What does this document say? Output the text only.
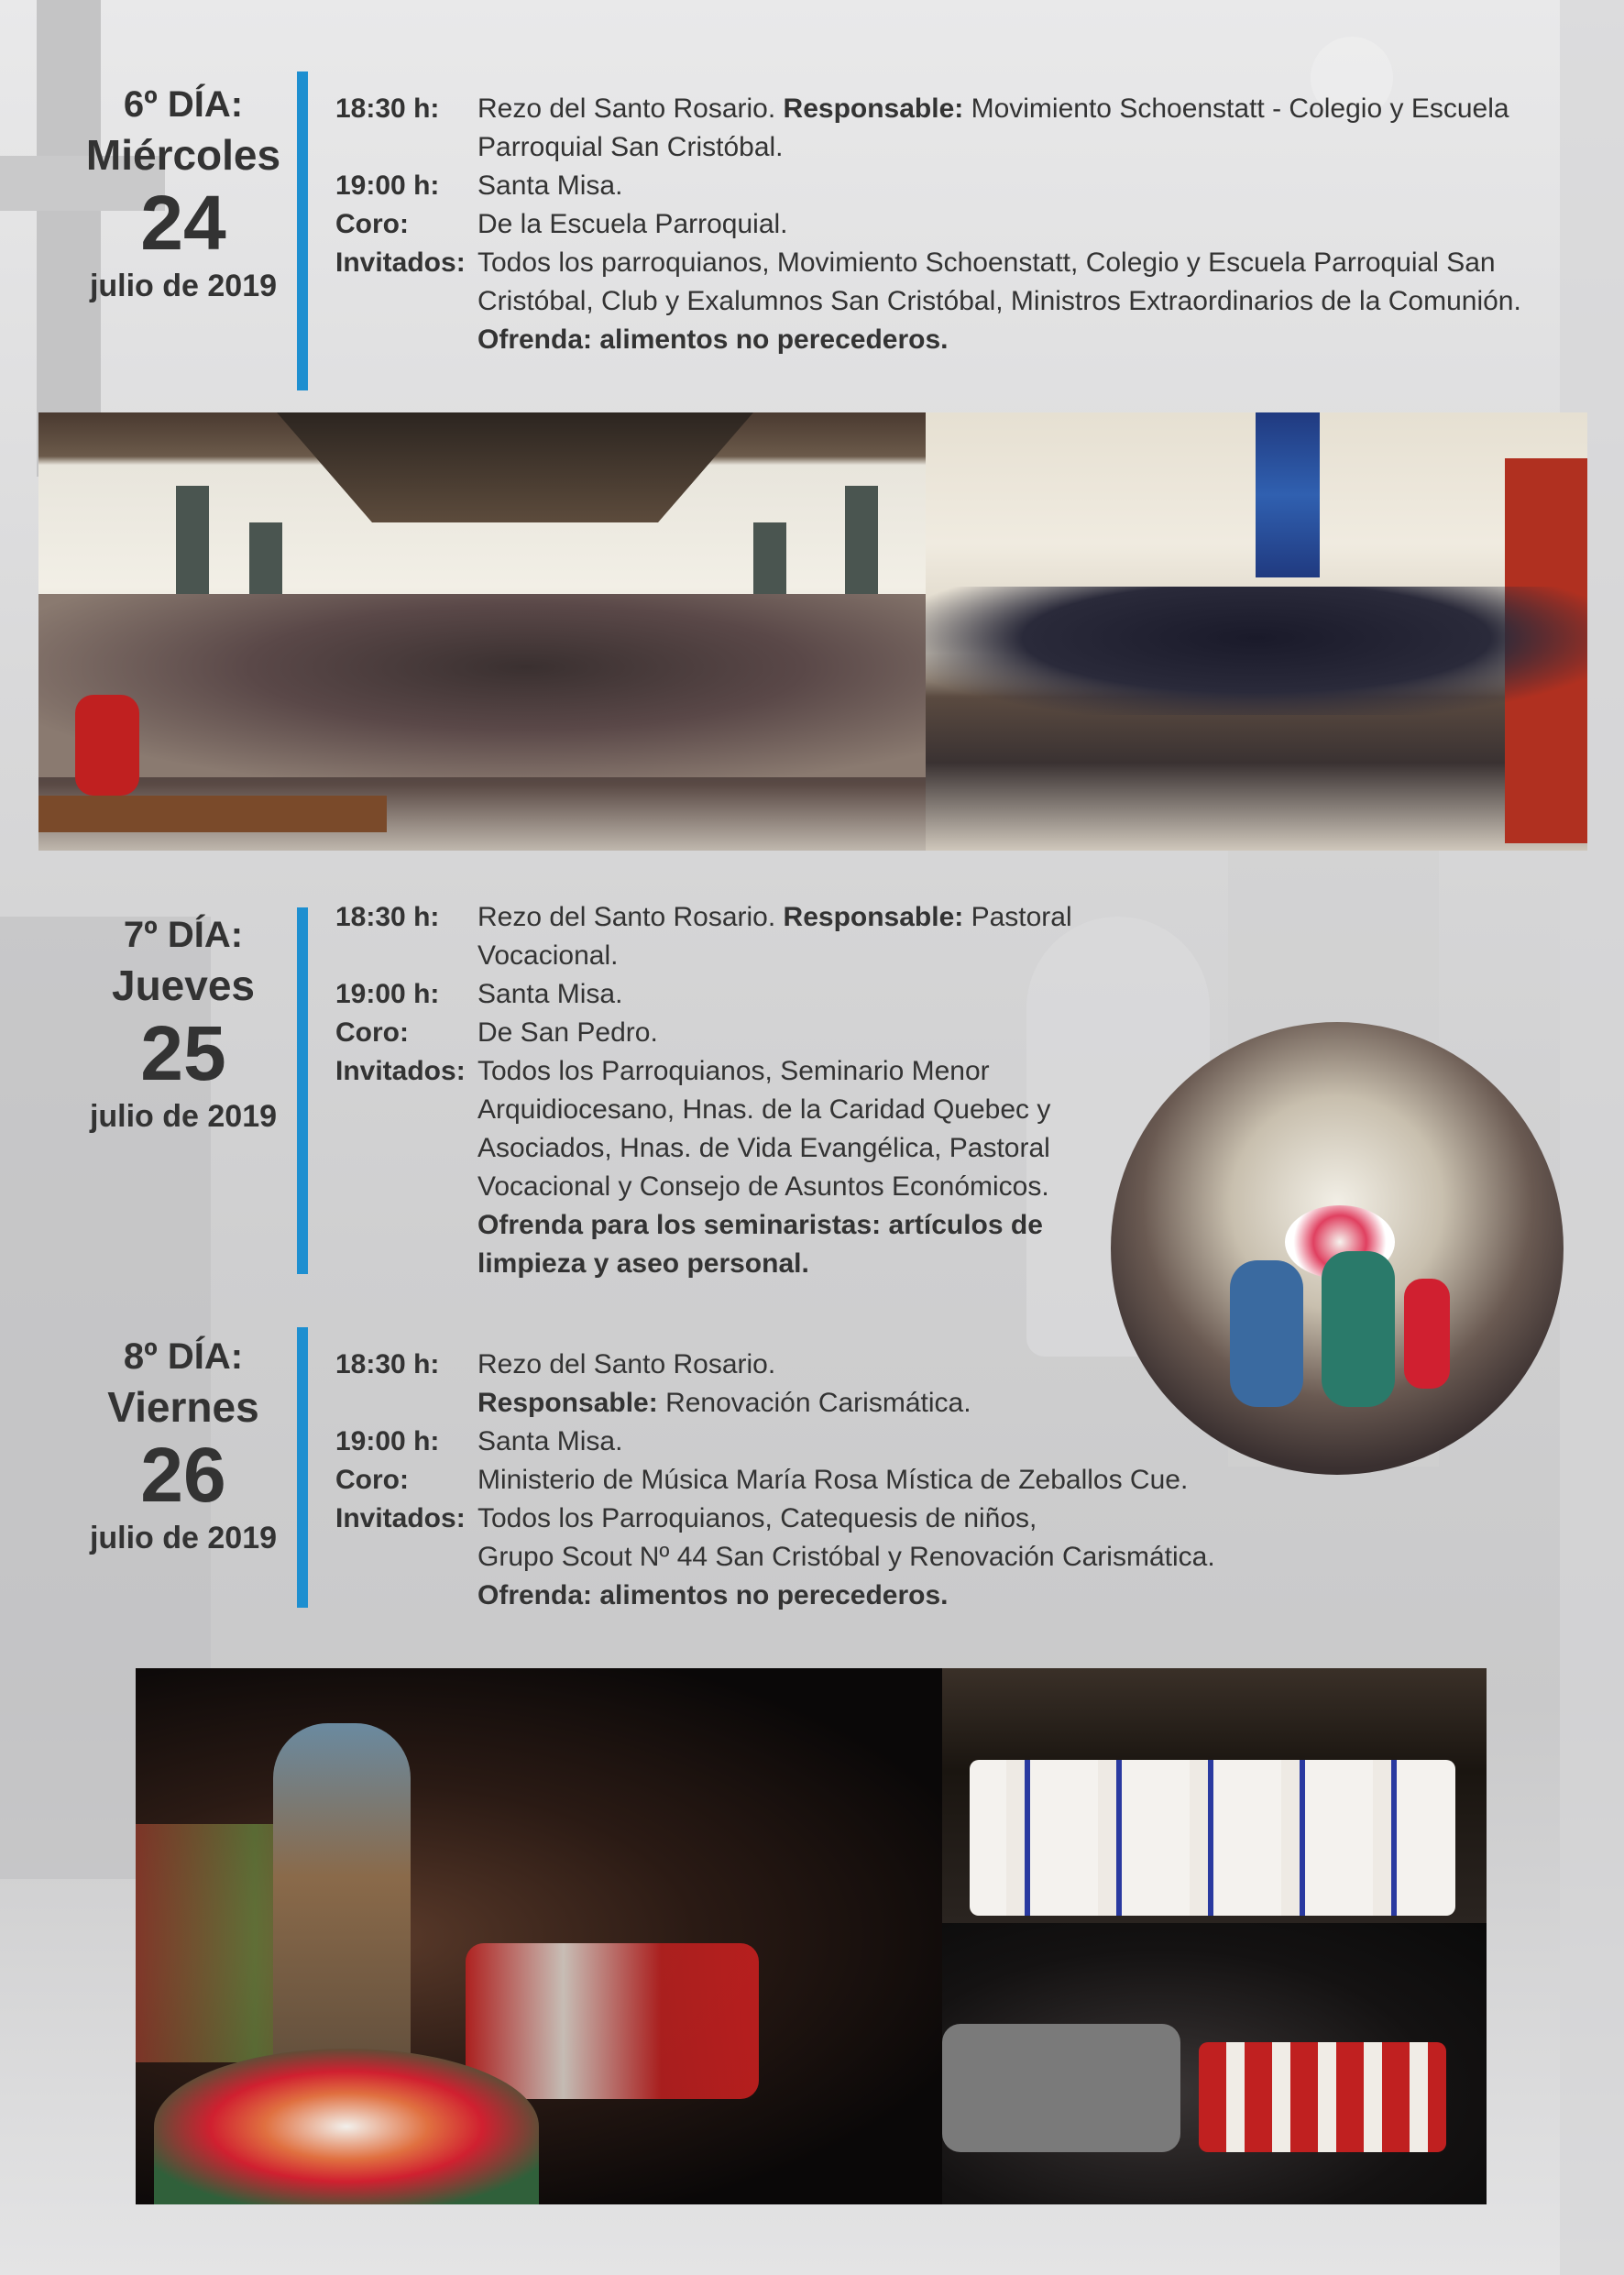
6º DÍA:
Miércoles
24
julio de 2019
18:30 h:	Rezo del Santo Rosario. Responsable: Movimiento Schoenstatt - Colegio y Escuela Parroquial San Cristóbal.
19:00 h:	Santa Misa.
Coro:	De la Escuela Parroquial.
Invitados: Todos los parroquianos, Movimiento Schoenstatt, Colegio y Escuela Parroquial San Cristóbal, Club y Exalumnos San Cristóbal, Ministros Extraordinarios de la Comunión.
Ofrenda: alimentos no perecederos.
7º DÍA:
Jueves
25
julio de 2019
18:30 h:	Rezo del Santo Rosario. Responsable: Pastoral Vocacional.
19:00 h:	Santa Misa.
Coro:	De San Pedro.
Invitados: Todos los Parroquianos, Seminario Menor Arquidiocesano, Hnas. de la Caridad Quebec y Asociados, Hnas. de Vida Evangélica, Pastoral Vocacional y Consejo de Asuntos Económicos.
Ofrenda para los seminaristas: artículos de limpieza y aseo personal.
8º DÍA:
Viernes
26
julio de 2019
18:30 h:	Rezo del Santo Rosario.
Responsable: Renovación Carismática.
19:00 h:	Santa Misa.
Coro:	Ministerio de Música María Rosa Mística de Zeballos Cue.
Invitados: Todos los Parroquianos, Catequesis de niños,
Grupo Scout Nº 44 San Cristóbal y Renovación Carismática.
Ofrenda: alimentos no perecederos.
